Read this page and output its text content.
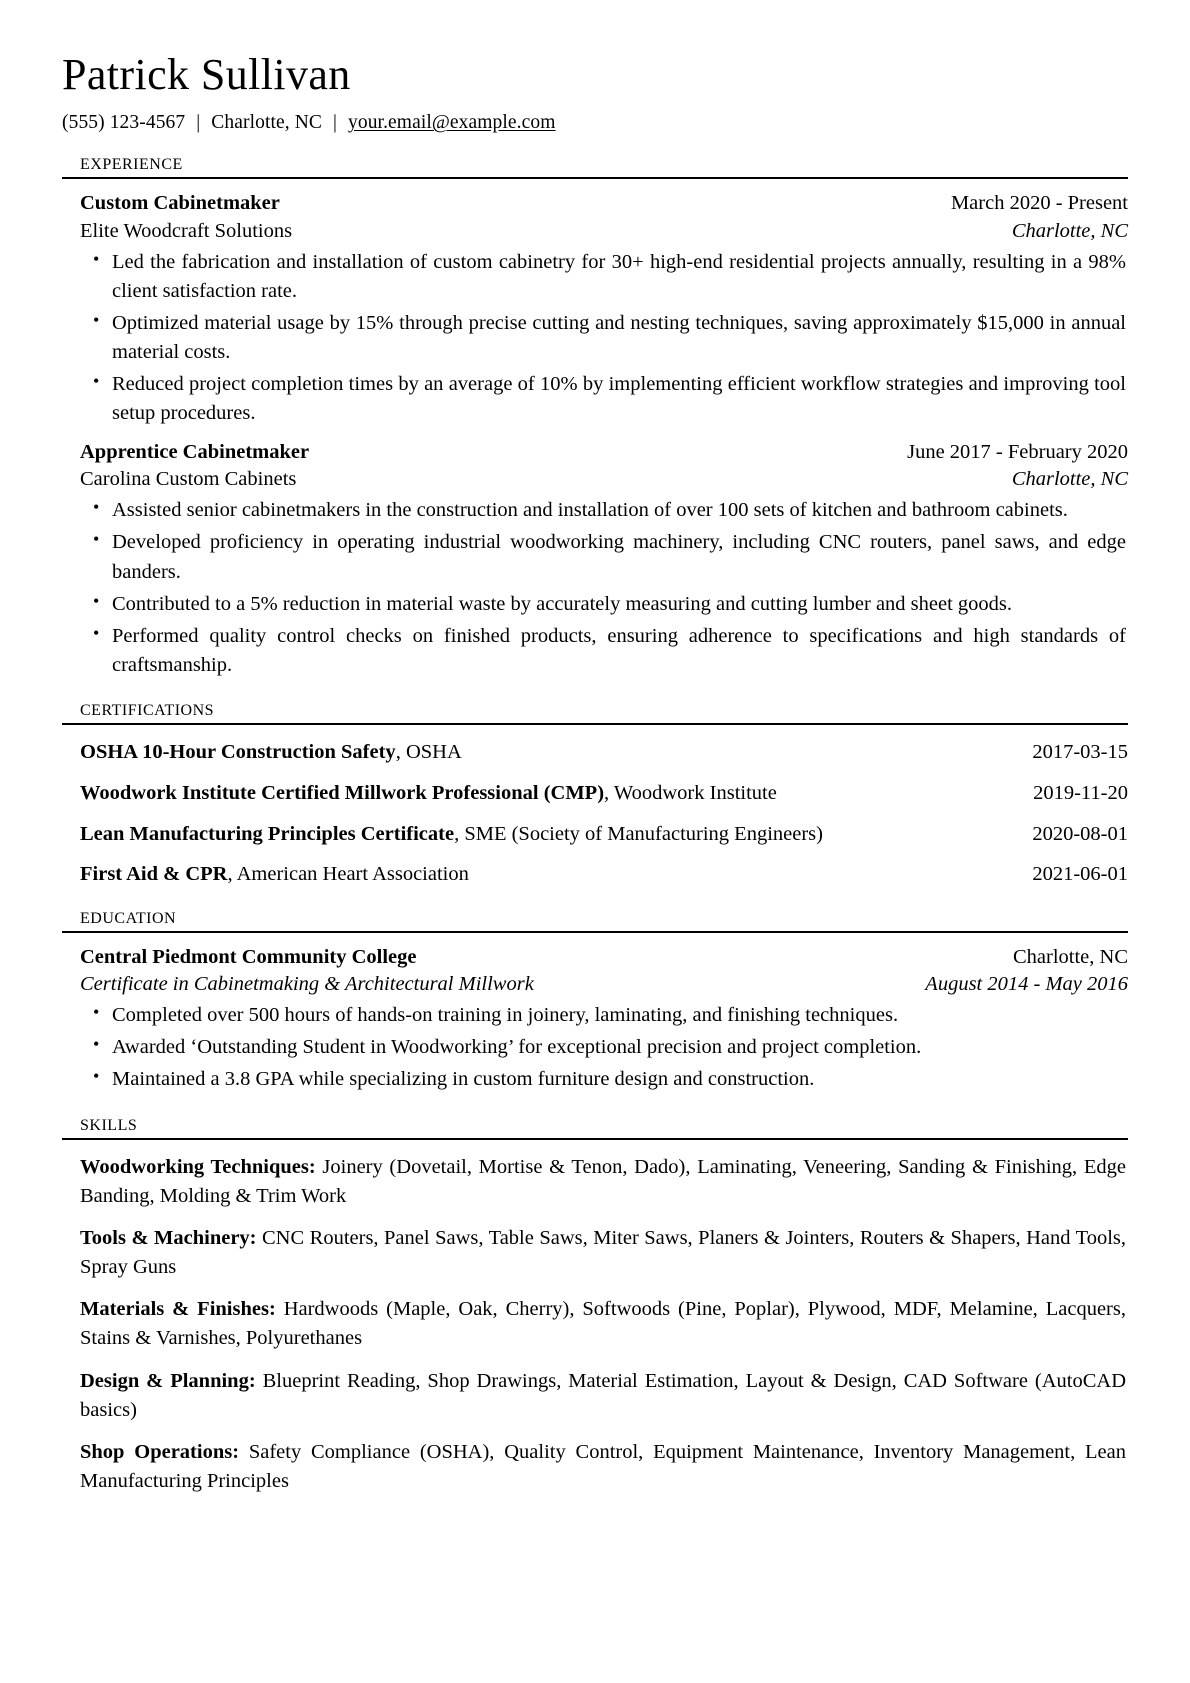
Patrick Sullivan
(555) 123-4567 | Charlotte, NC | your.email@example.com
experience
Custom Cabinetmaker	March 2020 - Present
Elite Woodcraft Solutions	Charlotte, NC
• Led the fabrication and installation of custom cabinetry for 30+ high-end residential projects annually, resulting in a 98% client satisfaction rate.
• Optimized material usage by 15% through precise cutting and nesting techniques, saving approximately $15,000 in annual material costs.
• Reduced project completion times by an average of 10% by implementing efficient workflow strategies and improving tool setup procedures.
Apprentice Cabinetmaker	June 2017 - February 2020
Carolina Custom Cabinets	Charlotte, NC
• Assisted senior cabinetmakers in the construction and installation of over 100 sets of kitchen and bathroom cabinets.
• Developed proficiency in operating industrial woodworking machinery, including CNC routers, panel saws, and edge banders.
• Contributed to a 5% reduction in material waste by accurately measuring and cutting lumber and sheet goods.
• Performed quality control checks on finished products, ensuring adherence to specifications and high standards of craftsmanship.
certifications
OSHA 10-Hour Construction Safety, OSHA	2017-03-15
Woodwork Institute Certified Millwork Professional (CMP), Woodwork Institute	2019-11-20
Lean Manufacturing Principles Certificate, SME (Society of Manufacturing Engineers)	2020-08-01
First Aid & CPR, American Heart Association	2021-06-01
education
Central Piedmont Community College	Charlotte, NC
Certificate in Cabinetmaking & Architectural Millwork	August 2014 - May 2016
• Completed over 500 hours of hands-on training in joinery, laminating, and finishing techniques.
• Awarded ‘Outstanding Student in Woodworking’ for exceptional precision and project completion.
• Maintained a 3.8 GPA while specializing in custom furniture design and construction.
skills
Woodworking Techniques: Joinery (Dovetail, Mortise & Tenon, Dado), Laminating, Veneering, Sanding & Finishing, Edge Banding, Molding & Trim Work
Tools & Machinery: CNC Routers, Panel Saws, Table Saws, Miter Saws, Planers & Jointers, Routers & Shapers, Hand Tools, Spray Guns
Materials & Finishes: Hardwoods (Maple, Oak, Cherry), Softwoods (Pine, Poplar), Plywood, MDF, Melamine, Lacquers, Stains & Varnishes, Polyurethanes
Design & Planning: Blueprint Reading, Shop Drawings, Material Estimation, Layout & Design, CAD Software (AutoCAD basics)
Shop Operations: Safety Compliance (OSHA), Quality Control, Equipment Maintenance, Inventory Management, Lean Manufacturing Principles
